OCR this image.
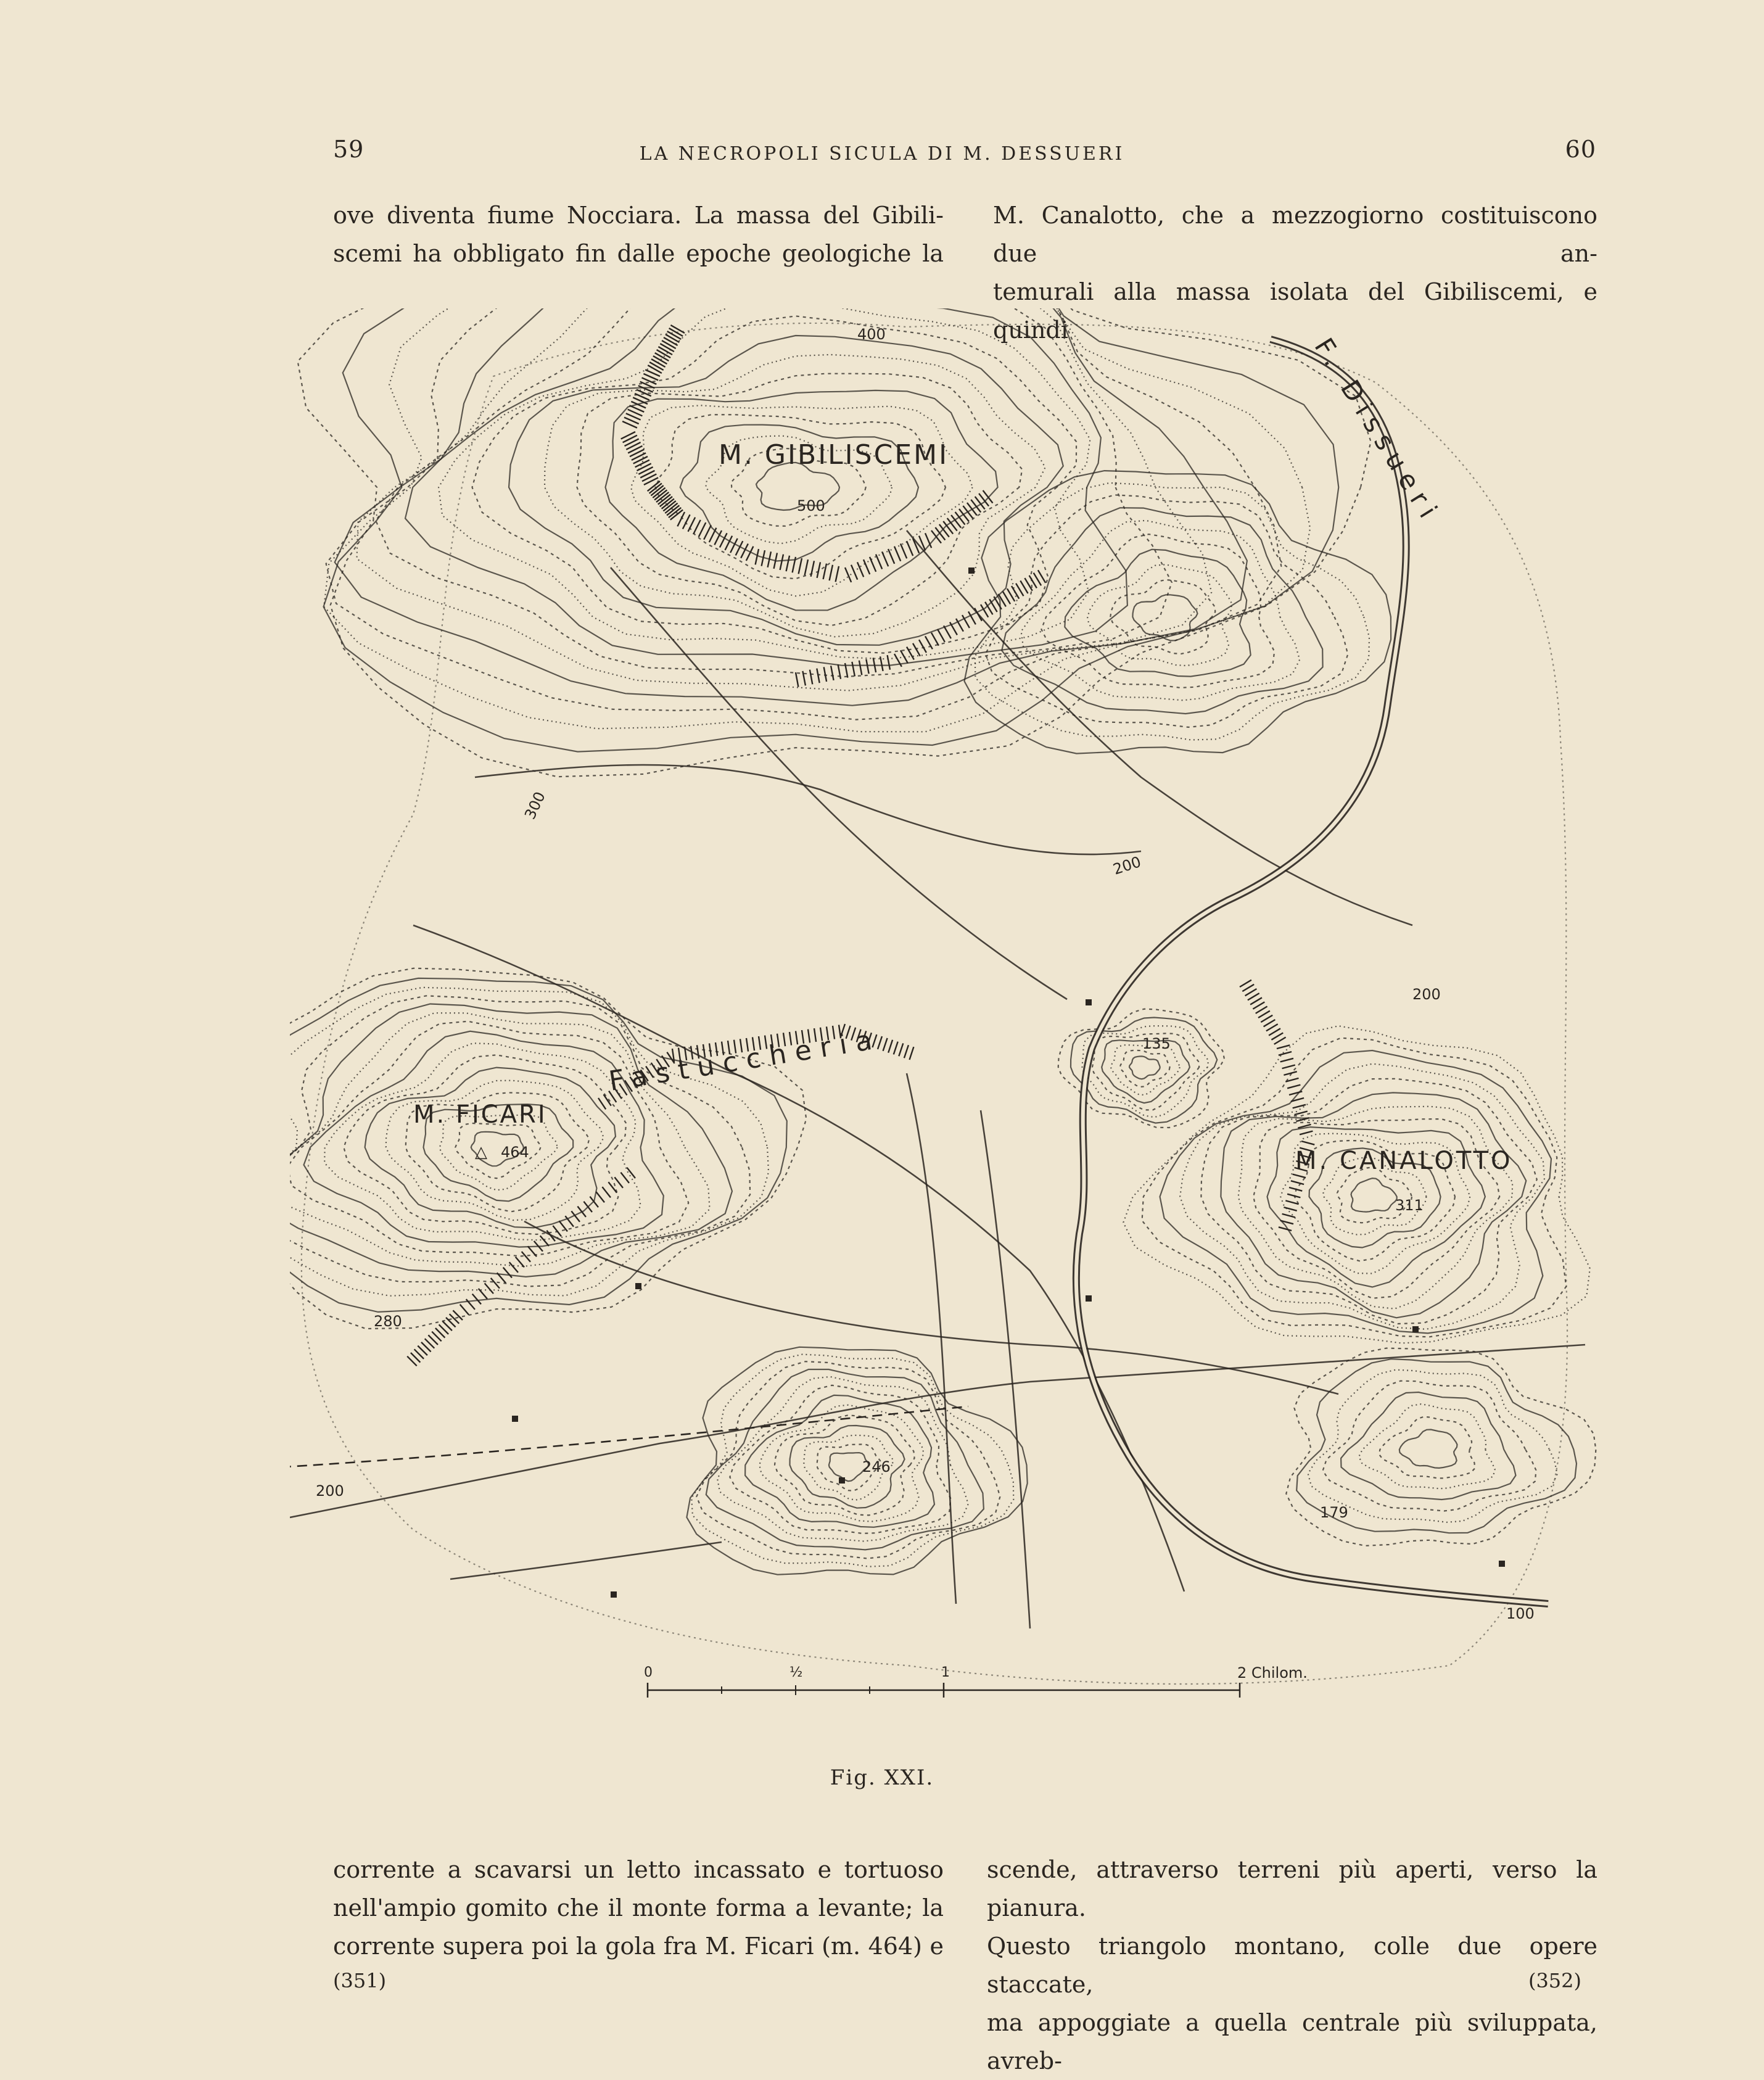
59	LA NECROPOLI SICULA DI M. DESSUERI	60
ove diventa fiume Nocciara. La massa del Gibili-
scemi ha obbligato fin dalle epoche geologiche la
M. Canalotto, che a mezzogiorno costituiscono due an-
temurali alla massa isolata del Gibiliscemi, e quindi
M. GIBILISCEMI
M. FICARI
M. CANALOTTO
Fastuccheria
F. Dissueri
400
500
300
200
200
200
135
464
311
280
246
179
100
△
0	½	1	2 Chilom.
Fig. XXI.
corrente a scavarsi un letto incassato e tortuoso
nell'ampio gomito che il monte forma a levante; la
corrente supera poi la gola fra M. Ficari (m. 464) e
scende, attraverso terreni più aperti, verso la pianura.
Questo triangolo montano, colle due opere staccate,
ma appoggiate a quella centrale più sviluppata, avreb-
(351)	(352)
